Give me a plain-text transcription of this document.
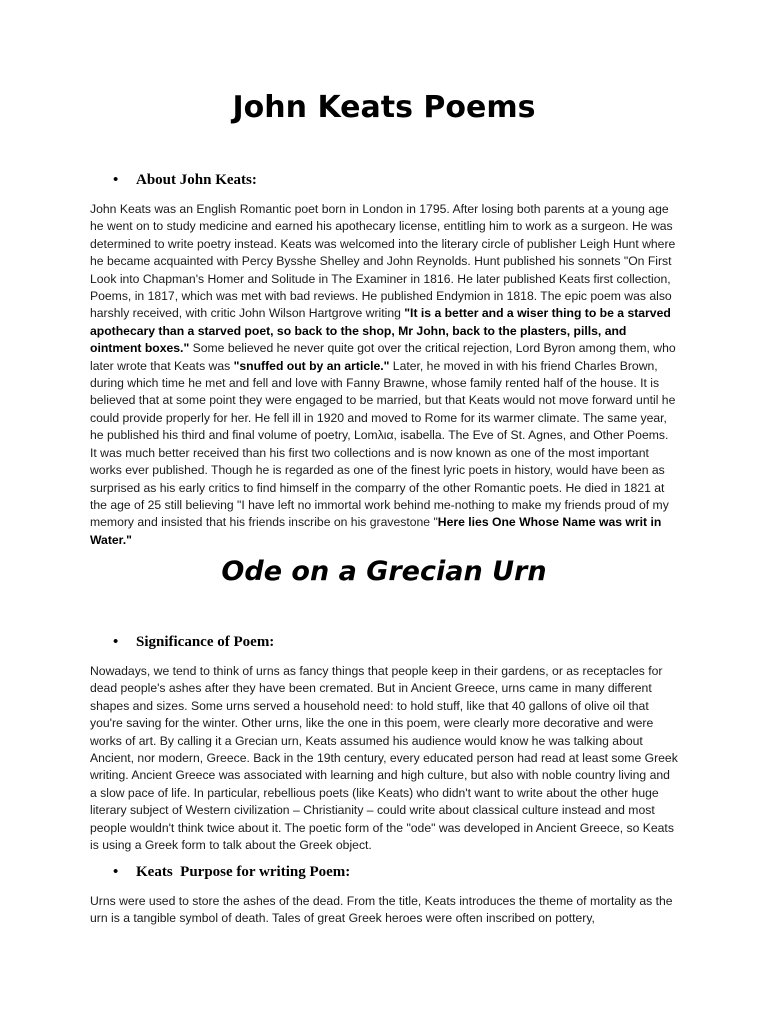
John Keats Poems
• About John Keats:

John Keats was an English Romantic poet born in London in 1795. After losing both parents at a young age he went on to study medicine and earned his apothecary license, entitling him to work as a surgeon. He was determined to write poetry instead. Keats was welcomed into the literary circle of publisher Leigh Hunt where he became acquainted with Percy Bysshe Shelley and John Reynolds. Hunt published his sonnets "On First Look into Chapman's Homer and Solitude in The Examiner in 1816. He later published Keats first collection, Poems, in 1817, which was met with bad reviews. He published Endymion in 1818. The epic poem was also harshly received, with critic John Wilson Hartgrove writing "It is a better and a wiser thing to be a starved apothecary than a starved poet, so back to the shop, Mr John, back to the plasters, pills, and ointment boxes." Some believed he never quite got over the critical rejection, Lord Byron among them, who later wrote that Keats was "snuffed out by an article." Later, he moved in with his friend Charles Brown, during which time he met and fell and love with Fanny Brawne, whose family rented half of the house. It is believed that at some point they were engaged to be married, but that Keats would not move forward until he could provide properly for her. He fell ill in 1920 and moved to Rome for its warmer climate. The same year, he published his third and final volume of poetry, Lomλια, isabella. The Eve of St. Agnes, and Other Poems. It was much better received than his first two collections and is now known as one of the most important works ever published. Though he is regarded as one of the finest lyric poets in history, would have been as surprised as his early critics to find himself in the comparry of the other Romantic poets. He died in 1821 at the age of 25 still believing "I have left no immortal work behind me-nothing to make my friends proud of my memory and insisted that his friends inscribe on his gravestone "Here lies One Whose Name was writ in Water."

Ode on a Grecian Urn
• Significance of Poem:

Nowadays, we tend to think of urns as fancy things that people keep in their gardens, or as receptacles for dead people's ashes after they have been cremated. But in Ancient Greece, urns came in many different shapes and sizes. Some urns served a household need: to hold stuff, like that 40 gallons of olive oil that you're saving for the winter. Other urns, like the one in this poem, were clearly more decorative and were works of art. By calling it a Grecian urn, Keats assumed his audience would know he was talking about Ancient, nor modern, Greece. Back in the 19th century, every educated person had read at least some Greek writing. Ancient Greece was associated with learning and high culture, but also with noble country living and a slow pace of life. In particular, rebellious poets (like Keats) who didn't want to write about the other huge literary subject of Western civilization – Christianity – could write about classical culture instead and most people wouldn't think twice about it. The poetic form of the "ode" was developed in Ancient Greece, so Keats is using a Greek form to talk about the Greek object.

• Keats  Purpose for writing Poem:

Urns were used to store the ashes of the dead. From the title, Keats introduces the theme of mortality as the urn is a tangible symbol of death. Tales of great Greek heroes were often inscribed on pottery,
